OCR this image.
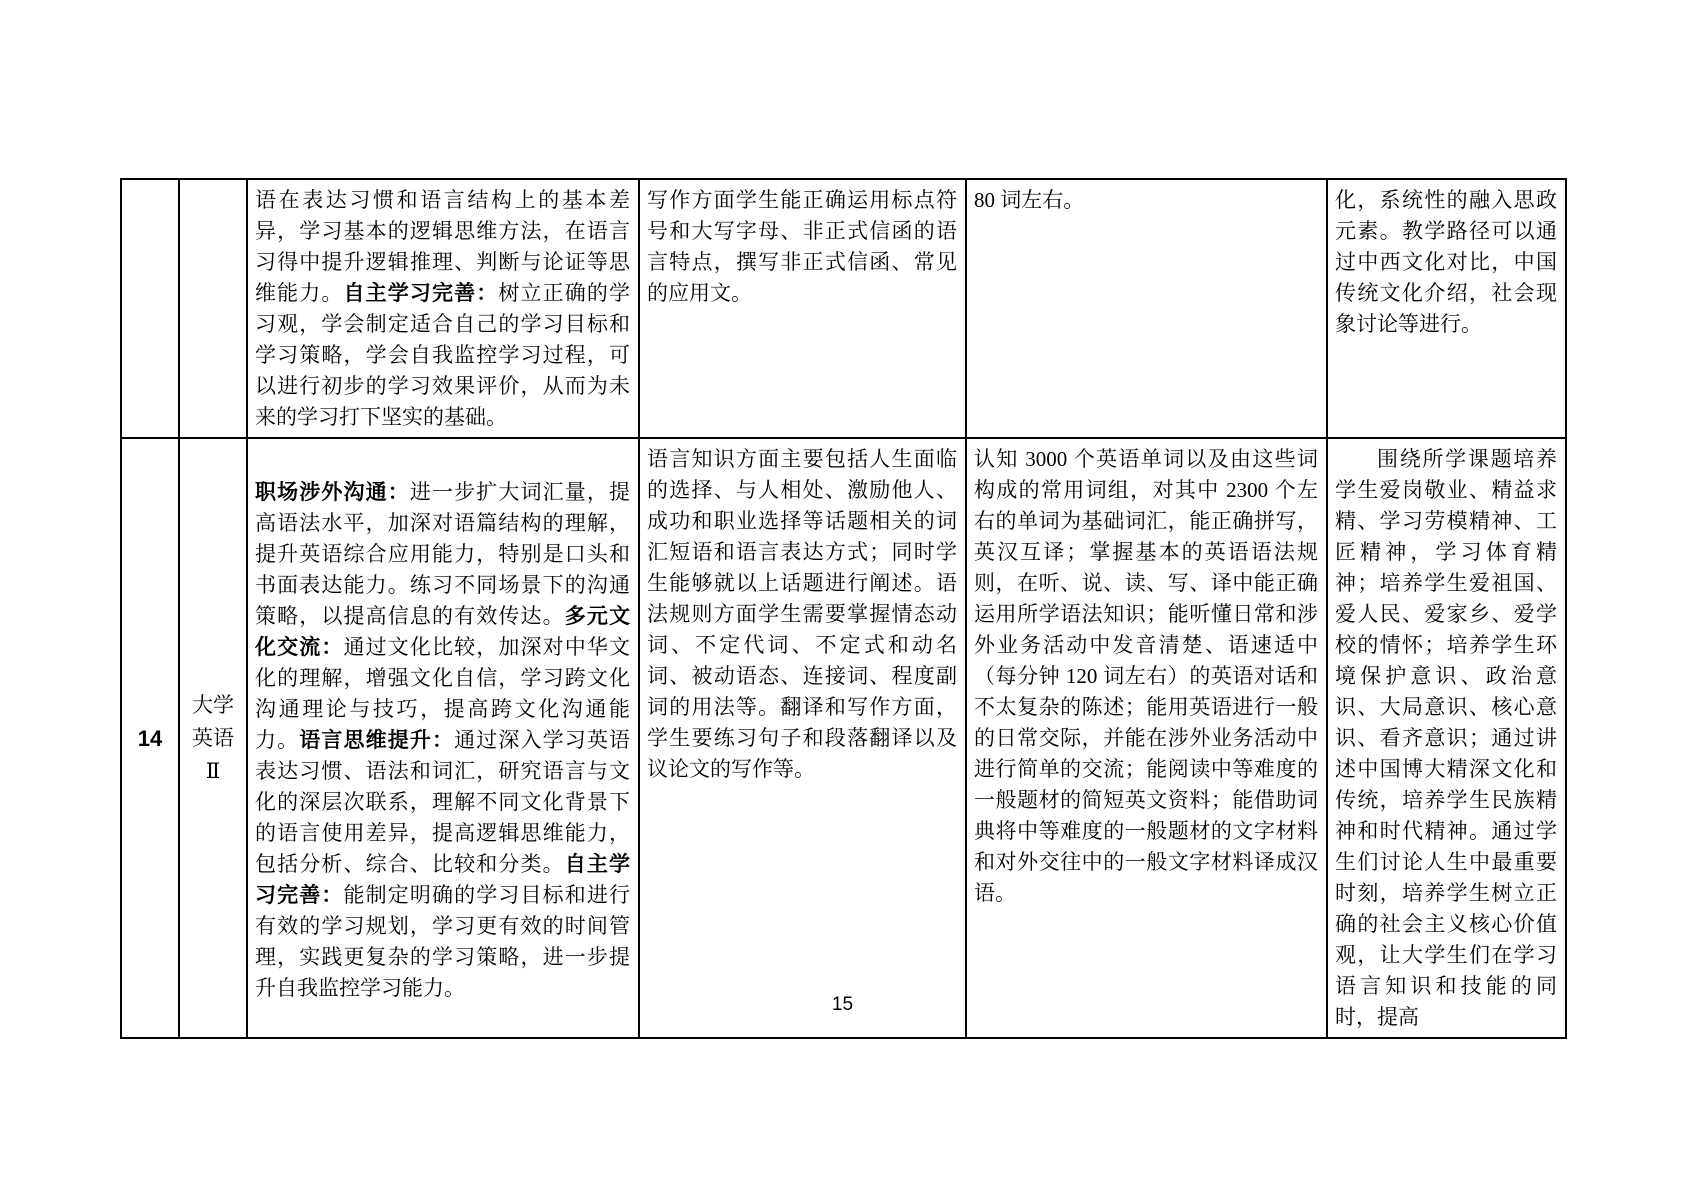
		语在表达习惯和语言结构上的基本差异，学习基本的逻辑思维方法，在语言习得中提升逻辑推理、判断与论证等思维能力。自主学习完善：树立正确的学习观，学会制定适合自己的学习目标和学习策略，学会自我监控学习过程，可以进行初步的学习效果评价，从而为未来的学习打下坚实的基础。	写作方面学生能正确运用标点符号和大写字母、非正式信函的语言特点，撰写非正式信函、常见的应用文。	80 词左右。	化，系统性的融入思政元素。教学路径可以通过中西文化对比，中国传统文化介绍，社会现象讨论等进行。
14	大学英语Ⅱ	职场涉外沟通：进一步扩大词汇量，提高语法水平，加深对语篇结构的理解，提升英语综合应用能力，特别是口头和书面表达能力。练习不同场景下的沟通策略，以提高信息的有效传达。多元文化交流：通过文化比较，加深对中华文化的理解，增强文化自信，学习跨文化沟通理论与技巧，提高跨文化沟通能力。语言思维提升：通过深入学习英语表达习惯、语法和词汇，研究语言与文化的深层次联系，理解不同文化背景下的语言使用差异，提高逻辑思维能力，包括分析、综合、比较和分类。自主学习完善：能制定明确的学习目标和进行有效的学习规划，学习更有效的时间管理，实践更复杂的学习策略，进一步提升自我监控学习能力。	语言知识方面主要包括人生面临的选择、与人相处、激励他人、成功和职业选择等话题相关的词汇短语和语言表达方式；同时学生能够就以上话题进行阐述。语法规则方面学生需要掌握情态动词、不定代词、不定式和动名词、被动语态、连接词、程度副词的用法等。翻译和写作方面，学生要练习句子和段落翻译以及议论文的写作等。	认知 3000 个英语单词以及由这些词构成的常用词组，对其中 2300 个左右的单词为基础词汇，能正确拼写，英汉互译；掌握基本的英语语法规则，在听、说、读、写、译中能正确运用所学语法知识；能听懂日常和涉外业务活动中发音清楚、语速适中（每分钟 120 词左右）的英语对话和不太复杂的陈述；能用英语进行一般的日常交际，并能在涉外业务活动中进行简单的交流；能阅读中等难度的一般题材的简短英文资料；能借助词典将中等难度的一般题材的文字材料和对外交往中的一般文字材料译成汉语。	围绕所学课题培养学生爱岗敬业、精益求精、学习劳模精神、工匠精神，学习体育精神；培养学生爱祖国、爱人民、爱家乡、爱学校的情怀；培养学生环境保护意识、政治意识、大局意识、核心意识、看齐意识；通过讲述中国博大精深文化和传统，培养学生民族精神和时代精神。通过学生们讨论人生中最重要时刻，培养学生树立正确的社会主义核心价值观，让大学生们在学习语言知识和技能的同时，提高
15
